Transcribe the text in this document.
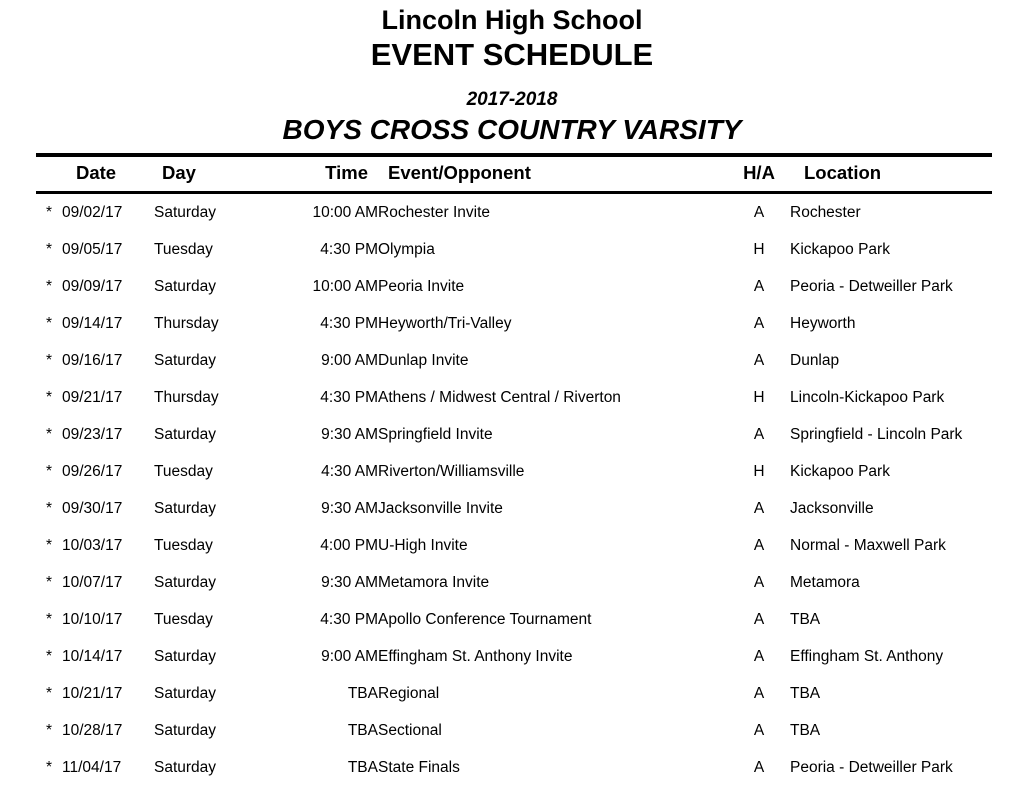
Lincoln High School
EVENT SCHEDULE
2017-2018
BOYS CROSS COUNTRY VARSITY
	Date	Day	Time	Event/Opponent	H/A	Location
*	09/02/17	Saturday	10:00 AM	Rochester Invite	A	Rochester
*	09/05/17	Tuesday	4:30 PM	Olympia	H	Kickapoo Park
*	09/09/17	Saturday	10:00 AM	Peoria Invite	A	Peoria - Detweiller Park
*	09/14/17	Thursday	4:30 PM	Heyworth/Tri-Valley	A	Heyworth
*	09/16/17	Saturday	9:00 AM	Dunlap Invite	A	Dunlap
*	09/21/17	Thursday	4:30 PM	Athens / Midwest Central / Riverton	H	Lincoln-Kickapoo Park
*	09/23/17	Saturday	9:30 AM	Springfield Invite	A	Springfield - Lincoln Park
*	09/26/17	Tuesday	4:30 AM	Riverton/Williamsville	H	Kickapoo Park
*	09/30/17	Saturday	9:30 AM	Jacksonville Invite	A	Jacksonville
*	10/03/17	Tuesday	4:00 PM	U-High Invite	A	Normal - Maxwell Park
*	10/07/17	Saturday	9:30 AM	Metamora Invite	A	Metamora
*	10/10/17	Tuesday	4:30 PM	Apollo Conference Tournament	A	TBA
*	10/14/17	Saturday	9:00 AM	Effingham St. Anthony Invite	A	Effingham St. Anthony
*	10/21/17	Saturday	TBA	Regional	A	TBA
*	10/28/17	Saturday	TBA	Sectional	A	TBA
*	11/04/17	Saturday	TBA	State Finals	A	Peoria - Detweiller Park
